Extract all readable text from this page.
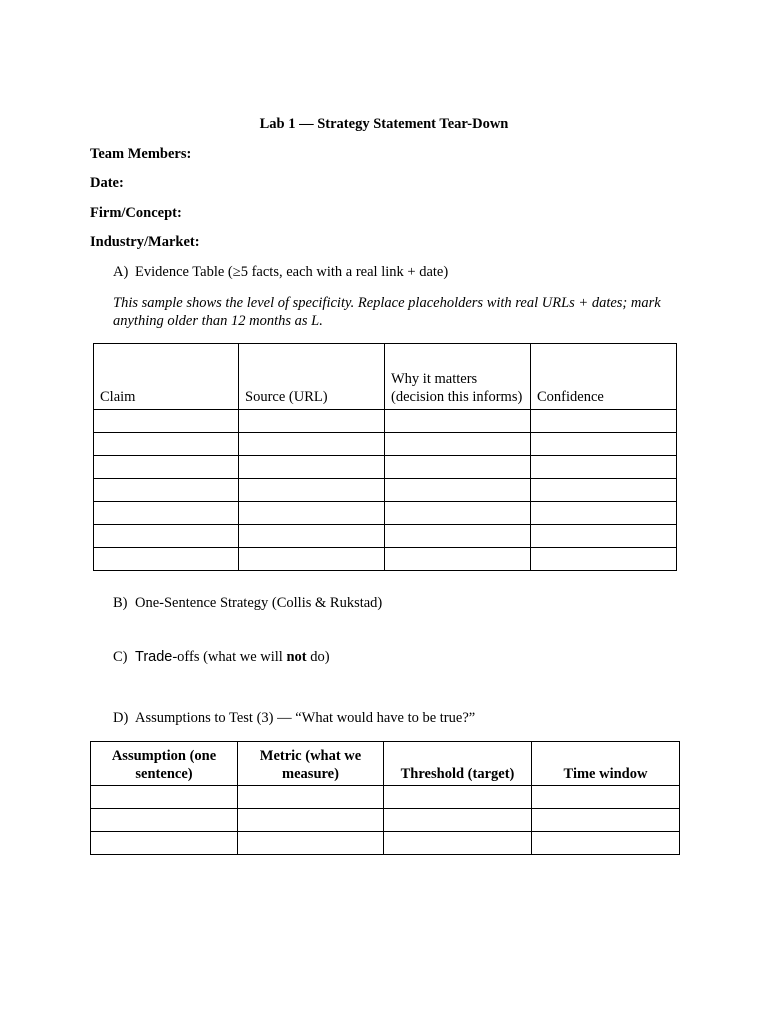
Lab 1 — Strategy Statement Tear-Down
Team Members:
Date:
Firm/Concept:
Industry/Market:
A) Evidence Table (≥5 facts, each with a real link + date)
This sample shows the level of specificity. Replace placeholders with real URLs + dates; mark anything older than 12 months as L.
Claim	Source (URL)	Why it matters (decision this informs)	Confidence

B) One-Sentence Strategy (Collis & Rukstad)
C) Trade-offs (what we will not do)
D) Assumptions to Test (3) — “What would have to be true?”
Assumption (one sentence)	Metric (what we measure)	Threshold (target)	Time window
